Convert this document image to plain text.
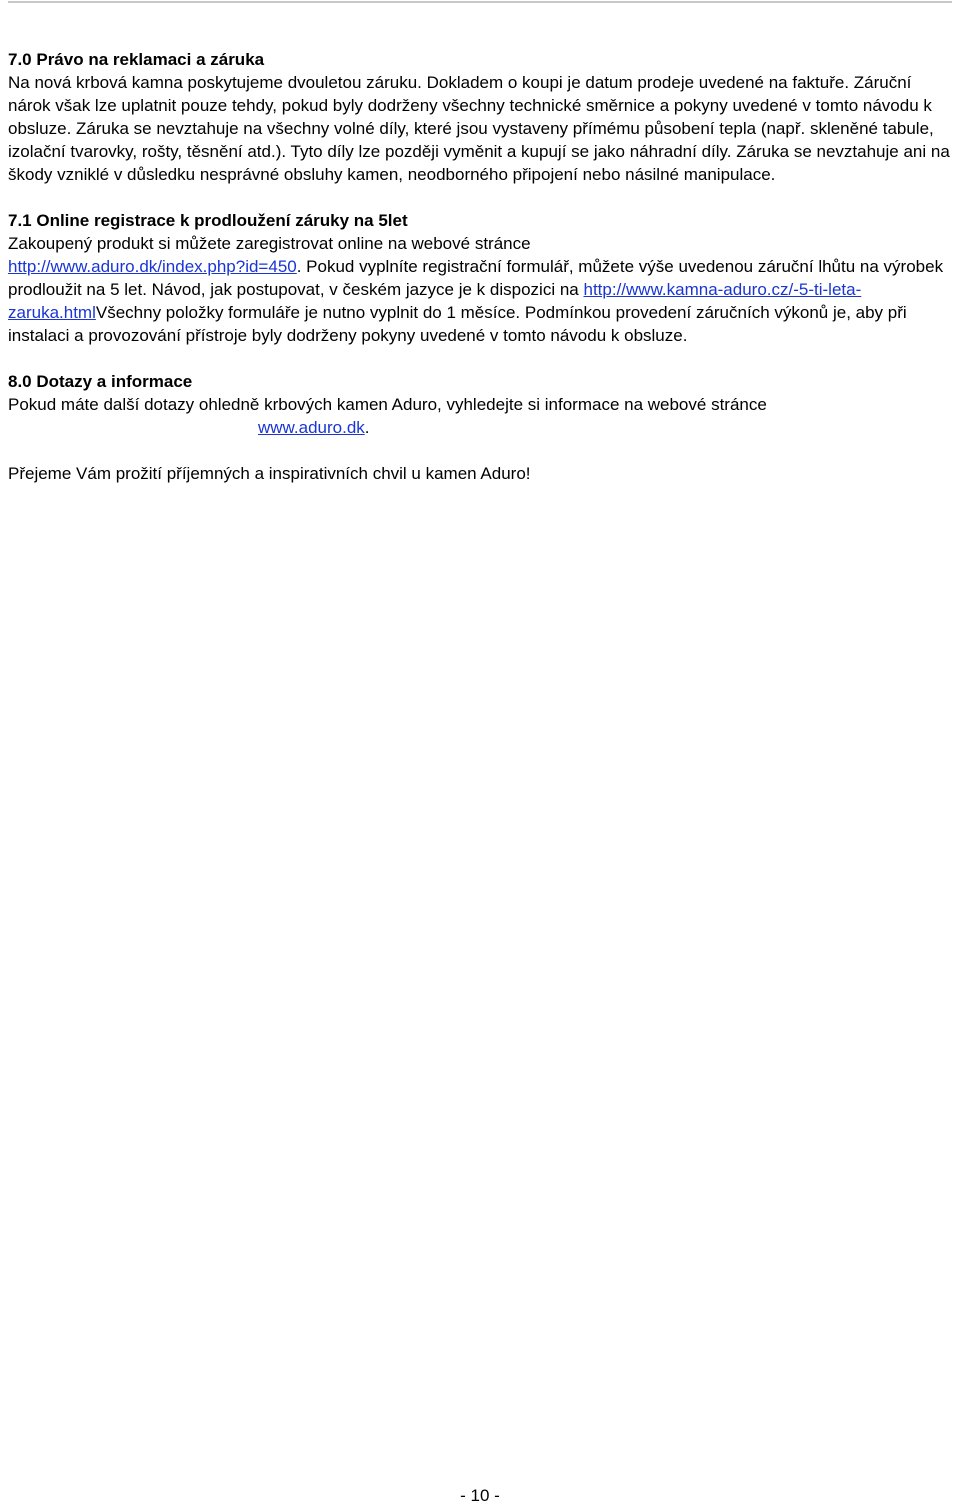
7.0 Právo na reklamaci a záruka

Na nová krbová kamna poskytujeme dvouletou záruku. Dokladem o koupi je datum prodeje uvedené na faktuře. Záruční nárok však lze uplatnit pouze tehdy, pokud byly dodrženy všechny technické směrnice a pokyny uvedené v tomto návodu k obsluze. Záruka se nevztahuje na všechny volné díly, které jsou vystaveny přímému působení tepla (např. skleněné tabule, izolační tvarovky, rošty, těsnění atd.). Tyto díly lze později vyměnit a kupují se jako náhradní díly. Záruka se nevztahuje ani na škody vzniklé v důsledku nesprávné obsluhy kamen, neodborného připojení nebo násilné manipulace.

7.1 Online registrace k prodloužení záruky na 5let

Zakoupený produkt si můžete zaregistrovat online na webové stránce
http://www.aduro.dk/index.php?id=450. Pokud vyplníte registrační formulář, můžete výše uvedenou záruční lhůtu na výrobek prodloužit na 5 let. Návod, jak postupovat, v českém jazyce je k dispozici na http://www.kamna-aduro.cz/-5-ti-leta-zaruka.htmlVšechny položky formuláře je nutno vyplnit do 1 měsíce. Podmínkou provedení záručních výkonů je, aby při instalaci a provozování přístroje byly dodrženy pokyny uvedené v tomto návodu k obsluze.

8.0 Dotazy a informace

Pokud máte další dotazy ohledně krbových kamen Aduro, vyhledejte si informace na webové stránce
www.aduro.dk.

Přejeme Vám prožití příjemných a inspirativních chvil u kamen Aduro!

- 10 -
